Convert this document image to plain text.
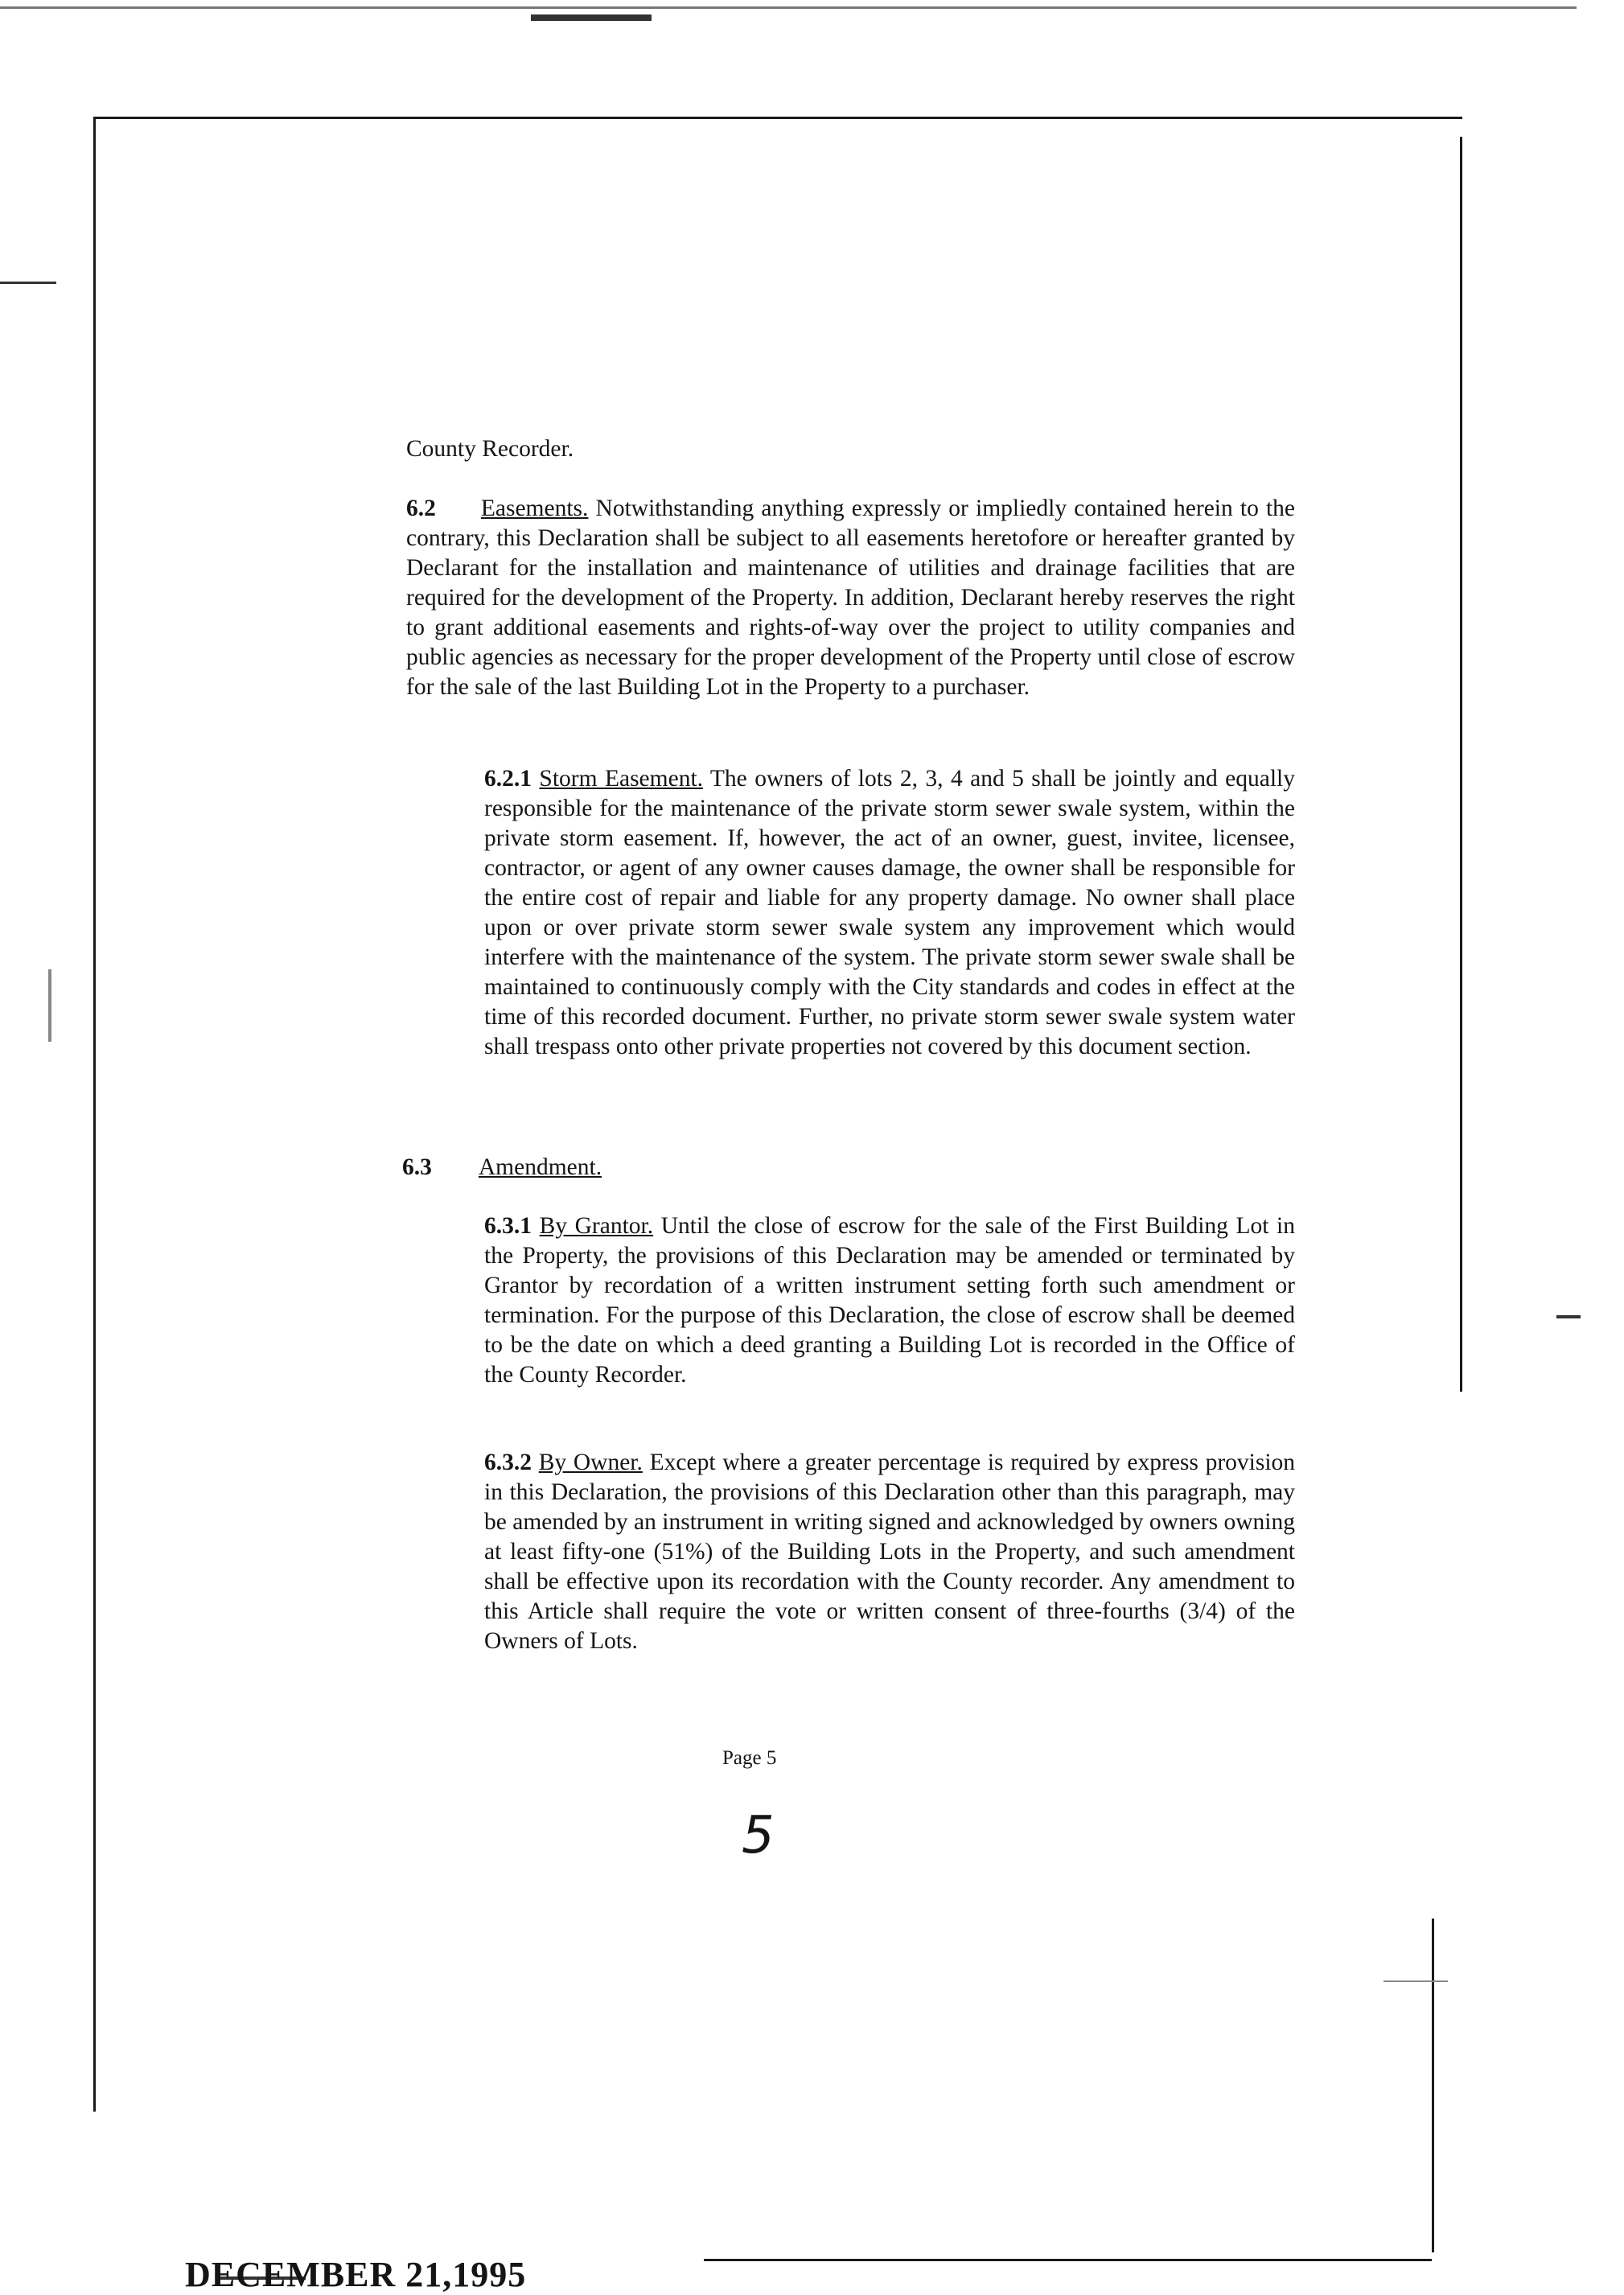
County Recorder.

6.2 Easements. Notwithstanding anything expressly or impliedly contained herein to the contrary, this Declaration shall be subject to all easements heretofore or hereafter granted by Declarant for the installation and maintenance of utilities and drainage facilities that are required for the development of the Property. In addition, Declarant hereby reserves the right to grant additional easements and rights-of-way over the project to utility companies and public agencies as necessary for the proper development of the Property until close of escrow for the sale of the last Building Lot in the Property to a purchaser.

6.2.1 Storm Easement. The owners of lots 2, 3, 4 and 5 shall be jointly and equally responsible for the maintenance of the private storm sewer swale system, within the private storm easement. If, however, the act of an owner, guest, invitee, licensee, contractor, or agent of any owner causes damage, the owner shall be responsible for the entire cost of repair and liable for any property damage. No owner shall place upon or over private storm sewer swale system any improvement which would interfere with the maintenance of the system. The private storm sewer swale shall be maintained to continuously comply with the City standards and codes in effect at the time of this recorded document. Further, no private storm sewer swale system water shall trespass onto other private properties not covered by this document section.

6.3 Amendment.

6.3.1 By Grantor. Until the close of escrow for the sale of the First Building Lot in the Property, the provisions of this Declaration may be amended or terminated by Grantor by recordation of a written instrument setting forth such amendment or termination. For the purpose of this Declaration, the close of escrow shall be deemed to be the date on which a deed granting a Building Lot is recorded in the Office of the County Recorder.

6.3.2 By Owner. Except where a greater percentage is required by express provision in this Declaration, the provisions of this Declaration other than this paragraph, may be amended by an instrument in writing signed and acknowledged by owners owning at least fifty-one (51%) of the Building Lots in the Property, and such amendment shall be effective upon its recordation with the County recorder. Any amendment to this Article shall require the vote or written consent of three-fourths (3/4) of the Owners of Lots.

Page 5
5
DECEMBER 21,1995
